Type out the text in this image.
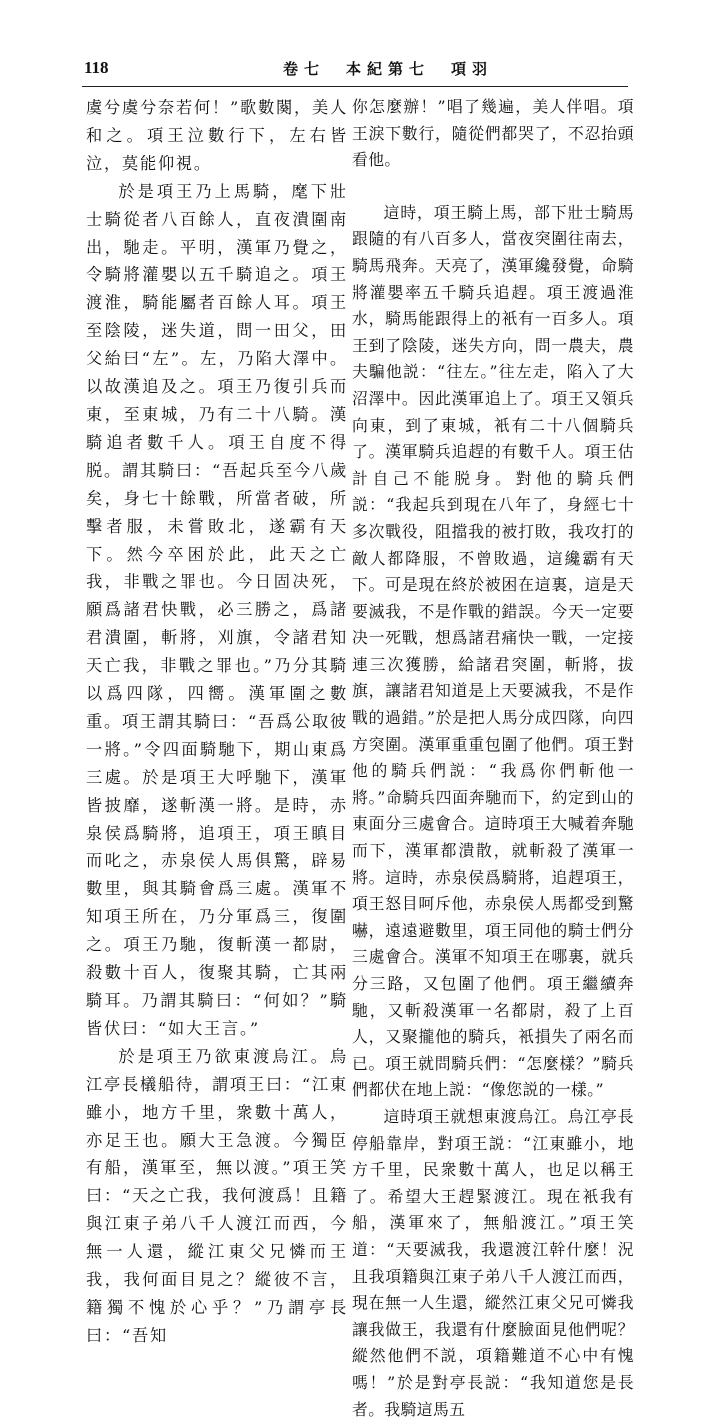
118	卷七　本紀第七　項羽

虞兮虞兮奈若何！”歌數闋，美人和之。項王泣數行下，左右皆泣，莫能仰視。

於是項王乃上馬騎，麾下壯士騎從者八百餘人，直夜潰圍南出，馳走。平明，漢軍乃覺之，令騎將灌嬰以五千騎追之。項王渡淮，騎能屬者百餘人耳。項王至陰陵，迷失道，問一田父，田父紿曰“左”。左，乃陷大澤中。以故漢追及之。項王乃復引兵而東，至東城，乃有二十八騎。漢騎追者數千人。項王自度不得脱。謂其騎曰：“吾起兵至今八歲矣，身七十餘戰，所當者破，所擊者服，未嘗敗北，遂霸有天下。然今卒困於此，此天之亡我，非戰之罪也。今日固决死，願爲諸君快戰，必三勝之，爲諸君潰圍，斬將，刈旗，令諸君知天亡我，非戰之罪也。”乃分其騎以爲四隊，四嚮。漢軍圍之數重。項王謂其騎曰：“吾爲公取彼一將。”令四面騎馳下，期山東爲三處。於是項王大呼馳下，漢軍皆披靡，遂斬漢一將。是時，赤泉侯爲騎將，追項王，項王瞋目而叱之，赤泉侯人馬俱驚，辟易數里，與其騎會爲三處。漢軍不知項王所在，乃分軍爲三，復圍之。項王乃馳，復斬漢一都尉，殺數十百人，復聚其騎，亡其兩騎耳。乃謂其騎曰：“何如？”騎皆伏曰：“如大王言。”

於是項王乃欲東渡烏江。烏江亭長檥船待，謂項王曰：“江東雖小，地方千里，衆數十萬人，亦足王也。願大王急渡。今獨臣有船，漢軍至，無以渡。”項王笑曰：“天之亡我，我何渡爲！且籍與江東子弟八千人渡江而西，今無一人還，縱江東父兄憐而王我，我何面目見之？縱彼不言，籍獨不愧於心乎？”乃謂亭長曰：“吾知

你怎麼辦！”唱了幾遍，美人伴唱。項王淚下數行，隨從們都哭了，不忍抬頭看他。

這時，項王騎上馬，部下壯士騎馬跟隨的有八百多人，當夜突圍往南去，騎馬飛奔。天亮了，漢軍纔發覺，命騎將灌嬰率五千騎兵追趕。項王渡過淮水，騎馬能跟得上的衹有一百多人。項王到了陰陵，迷失方向，問一農夫，農夫騙他説：“往左。”往左走，陷入了大沼澤中。因此漢軍追上了。項王又領兵向東，到了東城，衹有二十八個騎兵了。漢軍騎兵追趕的有數千人。項王估計自己不能脱身。對他的騎兵們説：“我起兵到現在八年了，身經七十多次戰役，阻擋我的被打敗，我攻打的敵人都降服，不曾敗過，這纔霸有天下。可是現在終於被困在這裏，這是天要滅我，不是作戰的錯誤。今天一定要决一死戰，想爲諸君痛快一戰，一定接連三次獲勝，給諸君突圍，斬將，拔旗，讓諸君知道是上天要滅我，不是作戰的過錯。”於是把人馬分成四隊，向四方突圍。漢軍重重包圍了他們。項王對他的騎兵們説：“我爲你們斬他一將。”命騎兵四面奔馳而下，約定到山的東面分三處會合。這時項王大喊着奔馳而下，漢軍都潰散，就斬殺了漢軍一將。這時，赤泉侯爲騎將，追趕項王，項王怒目呵斥他，赤泉侯人馬都受到驚嚇，遠遠避數里，項王同他的騎士們分三處會合。漢軍不知項王在哪裏，就兵分三路，又包圍了他們。項王繼續奔馳，又斬殺漢軍一名都尉，殺了上百人，又聚攏他的騎兵，衹損失了兩名而已。項王就問騎兵們：“怎麼樣？”騎兵們都伏在地上説：“像您説的一樣。”

這時項王就想東渡烏江。烏江亭長停船靠岸，對項王説：“江東雖小，地方千里，民衆數十萬人，也足以稱王了。希望大王趕緊渡江。現在衹我有船，漢軍來了，無船渡江。”項王笑道：“天要滅我，我還渡江幹什麼！況且我項籍與江東子弟八千人渡江而西，現在無一人生還，縱然江東父兄可憐我讓我做王，我還有什麼臉面見他們呢？縱然他們不説，項籍難道不心中有愧嗎！”於是對亭長説：“我知道您是長者。我騎這馬五
